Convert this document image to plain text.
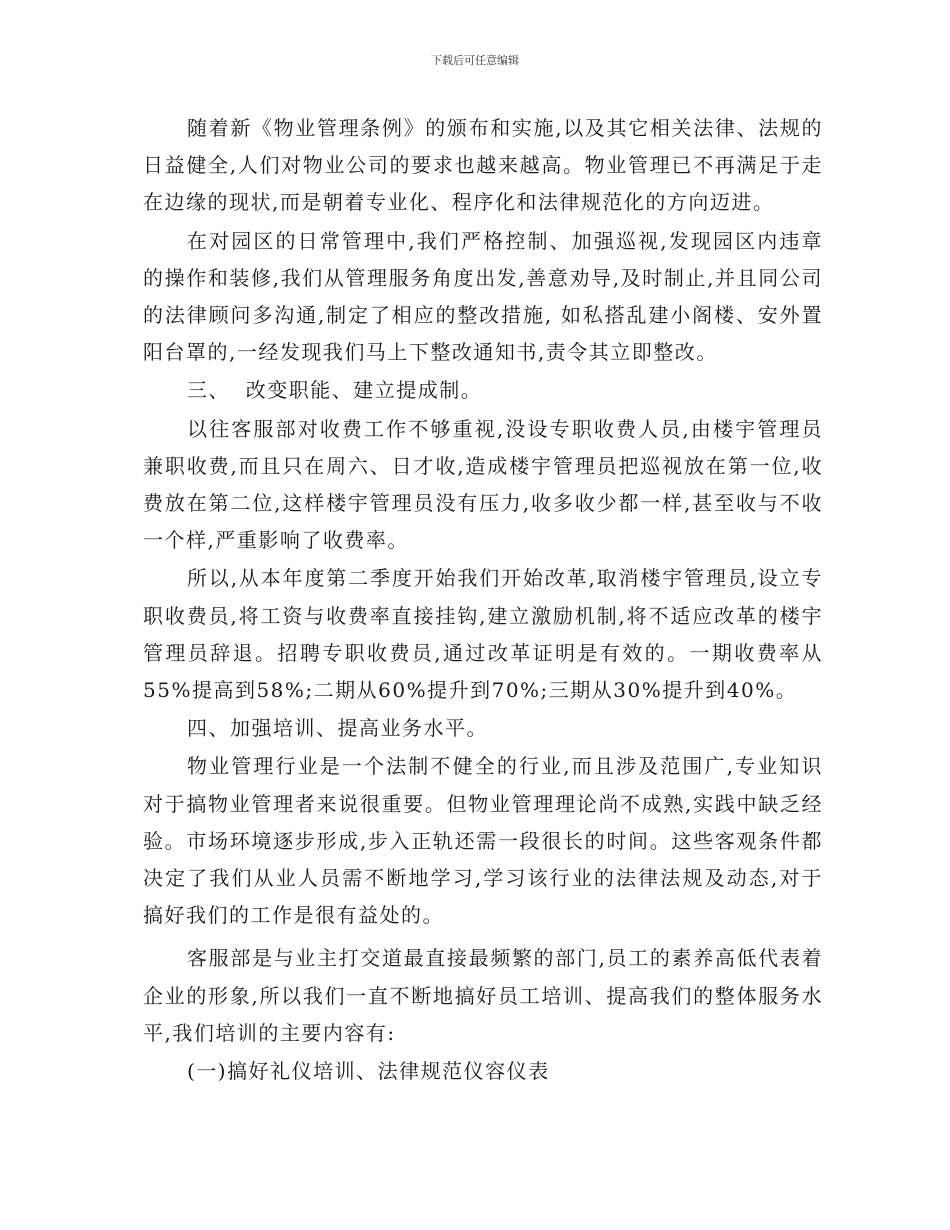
下载后可任意编辑

随着新《物业管理条例》的颁布和实施,以及其它相关法律、法规的日益健全,人们对物业公司的要求也越来越高。物业管理已不再满足于走在边缘的现状,而是朝着专业化、程序化和法律规范化的方向迈进。

在对园区的日常管理中,我们严格控制、加强巡视,发现园区内违章的操作和装修,我们从管理服务角度出发,善意劝导,及时制止,并且同公司的法律顾问多沟通,制定了相应的整改措施, 如私搭乱建小阁楼、安外置阳台罩的,一经发现我们马上下整改通知书,责令其立即整改。

三、  改变职能、建立提成制。

以往客服部对收费工作不够重视,没设专职收费人员,由楼宇管理员兼职收费,而且只在周六、日才收,造成楼宇管理员把巡视放在第一位,收费放在第二位,这样楼宇管理员没有压力,收多收少都一样,甚至收与不收一个样,严重影响了收费率。

所以,从本年度第二季度开始我们开始改革,取消楼宇管理员,设立专职收费员,将工资与收费率直接挂钩,建立激励机制,将不适应改革的楼宇管理员辞退。招聘专职收费员,通过改革证明是有效的。一期收费率从55%提高到58%;二期从60%提升到70%;三期从30%提升到40%。

四、加强培训、提高业务水平。

物业管理行业是一个法制不健全的行业,而且涉及范围广,专业知识对于搞物业管理者来说很重要。但物业管理理论尚不成熟,实践中缺乏经验。市场环境逐步形成,步入正轨还需一段很长的时间。这些客观条件都决定了我们从业人员需不断地学习,学习该行业的法律法规及动态,对于搞好我们的工作是很有益处的。

客服部是与业主打交道最直接最频繁的部门,员工的素养高低代表着企业的形象,所以我们一直不断地搞好员工培训、提高我们的整体服务水平,我们培训的主要内容有:

(一)搞好礼仪培训、法律规范仪容仪表
